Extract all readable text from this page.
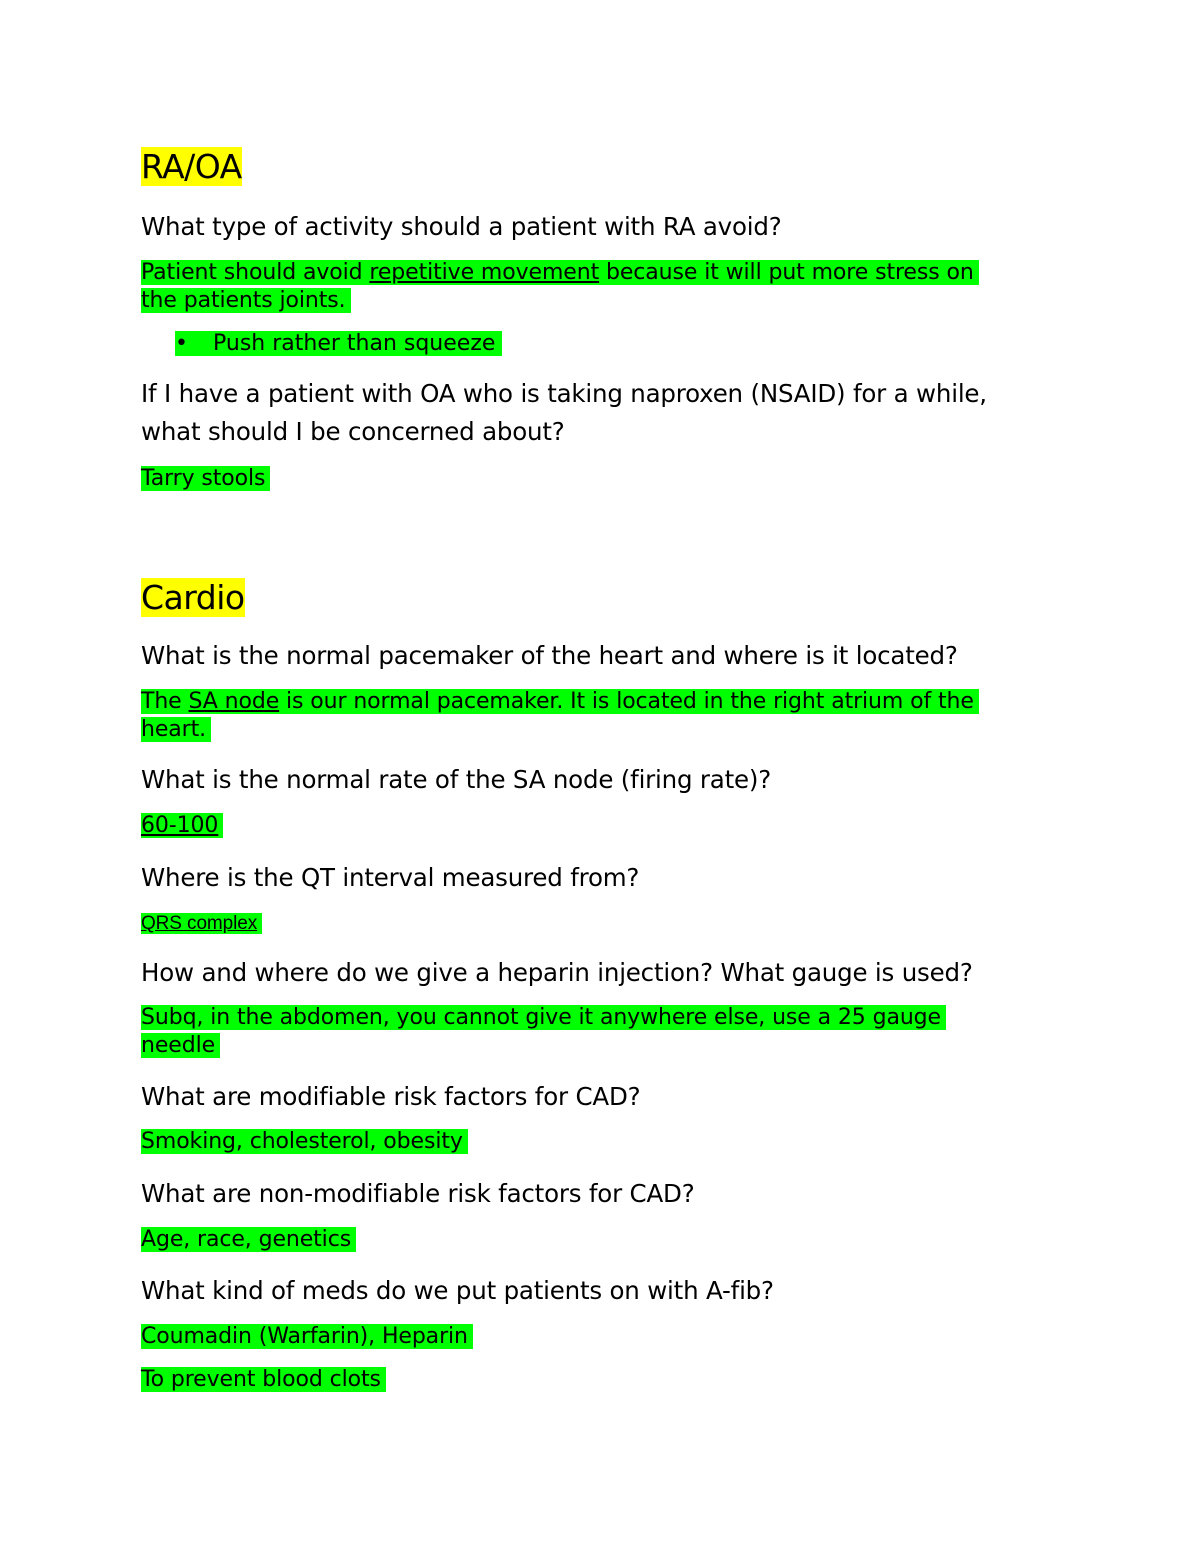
RA/OA
What type of activity should a patient with RA avoid?
Patient should avoid repetitive movement because it will put more stress on
the patients joints.
• Push rather than squeeze
If I have a patient with OA who is taking naproxen (NSAID) for a while,
what should I be concerned about?
Tarry stools
Cardio
What is the normal pacemaker of the heart and where is it located?
The SA node is our normal pacemaker. It is located in the right atrium of the
heart.
What is the normal rate of the SA node (firing rate)?
60-100
Where is the QT interval measured from?
QRS complex
How and where do we give a heparin injection? What gauge is used?
Subq, in the abdomen, you cannot give it anywhere else, use a 25 gauge
needle
What are modifiable risk factors for CAD?
Smoking, cholesterol, obesity
What are non-modifiable risk factors for CAD?
Age, race, genetics
What kind of meds do we put patients on with A-fib?
Coumadin (Warfarin), Heparin
To prevent blood clots
